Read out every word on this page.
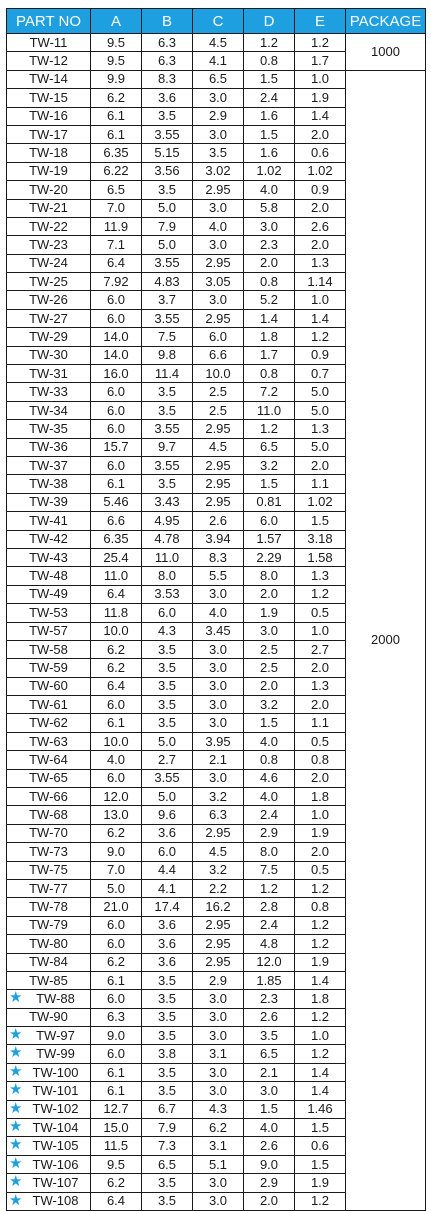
PART NO	A	B	C	D	E	PACKAGE
TW-11	9.5	6.3	4.5	1.2	1.2	1000
TW-12	9.5	6.3	4.1	0.8	1.7	
TW-14	9.9	8.3	6.5	1.5	1.0	2000
TW-15	6.2	3.6	3.0	2.4	1.9	
TW-16	6.1	3.5	2.9	1.6	1.4	
TW-17	6.1	3.55	3.0	1.5	2.0	
TW-18	6.35	5.15	3.5	1.6	0.6	
TW-19	6.22	3.56	3.02	1.02	1.02	
TW-20	6.5	3.5	2.95	4.0	0.9	
TW-21	7.0	5.0	3.0	5.8	2.0	
TW-22	11.9	7.9	4.0	3.0	2.6	
TW-23	7.1	5.0	3.0	2.3	2.0	
TW-24	6.4	3.55	2.95	2.0	1.3	
TW-25	7.92	4.83	3.05	0.8	1.14	
TW-26	6.0	3.7	3.0	5.2	1.0	
TW-27	6.0	3.55	2.95	1.4	1.4	
TW-29	14.0	7.5	6.0	1.8	1.2	
TW-30	14.0	9.8	6.6	1.7	0.9	
TW-31	16.0	11.4	10.0	0.8	0.7	
TW-33	6.0	3.5	2.5	7.2	5.0	
TW-34	6.0	3.5	2.5	11.0	5.0	
TW-35	6.0	3.55	2.95	1.2	1.3	
TW-36	15.7	9.7	4.5	6.5	5.0	
TW-37	6.0	3.55	2.95	3.2	2.0	
TW-38	6.1	3.5	2.95	1.5	1.1	
TW-39	5.46	3.43	2.95	0.81	1.02	
TW-41	6.6	4.95	2.6	6.0	1.5	
TW-42	6.35	4.78	3.94	1.57	3.18	
TW-43	25.4	11.0	8.3	2.29	1.58	
TW-48	11.0	8.0	5.5	8.0	1.3	
TW-49	6.4	3.53	3.0	2.0	1.2	
TW-53	11.8	6.0	4.0	1.9	0.5	
TW-57	10.0	4.3	3.45	3.0	1.0	
TW-58	6.2	3.5	3.0	2.5	2.7	
TW-59	6.2	3.5	3.0	2.5	2.0	
TW-60	6.4	3.5	3.0	2.0	1.3	
TW-61	6.0	3.5	3.0	3.2	2.0	
TW-62	6.1	3.5	3.0	1.5	1.1	
TW-63	10.0	5.0	3.95	4.0	0.5	
TW-64	4.0	2.7	2.1	0.8	0.8	
TW-65	6.0	3.55	3.0	4.6	2.0	
TW-66	12.0	5.0	3.2	4.0	1.8	
TW-68	13.0	9.6	6.3	2.4	1.0	
TW-70	6.2	3.6	2.95	2.9	1.9	
TW-73	9.0	6.0	4.5	8.0	2.0	
TW-75	7.0	4.4	3.2	7.5	0.5	
TW-77	5.0	4.1	2.2	1.2	1.2	
TW-78	21.0	17.4	16.2	2.8	0.8	
TW-79	6.0	3.6	2.95	2.4	1.2	
TW-80	6.0	3.6	2.95	4.8	1.2	
TW-84	6.2	3.6	2.95	12.0	1.9	
TW-85	6.1	3.5	2.9	1.85	1.4	

★ TW-88	6.0	3.5	3.0	2.3	1.8	
TW-90	6.3	3.5	3.0	2.6	1.2	

★ TW-97	9.0	3.5	3.0	3.5	1.0	

★ TW-99	6.0	3.8	3.1	6.5	1.2	

★ TW-100	6.1	3.5	3.0	2.1	1.4	

★ TW-101	6.1	3.5	3.0	3.0	1.4	

★ TW-102	12.7	6.7	4.3	1.5	1.46	

★ TW-104	15.0	7.9	6.2	4.0	1.5	

★ TW-105	11.5	7.3	3.1	2.6	0.6	

★ TW-106	9.5	6.5	5.1	9.0	1.5	

★ TW-107	6.2	3.5	3.0	2.9	1.9	

★ TW-108	6.4	3.5	3.0	2.0	1.2	
